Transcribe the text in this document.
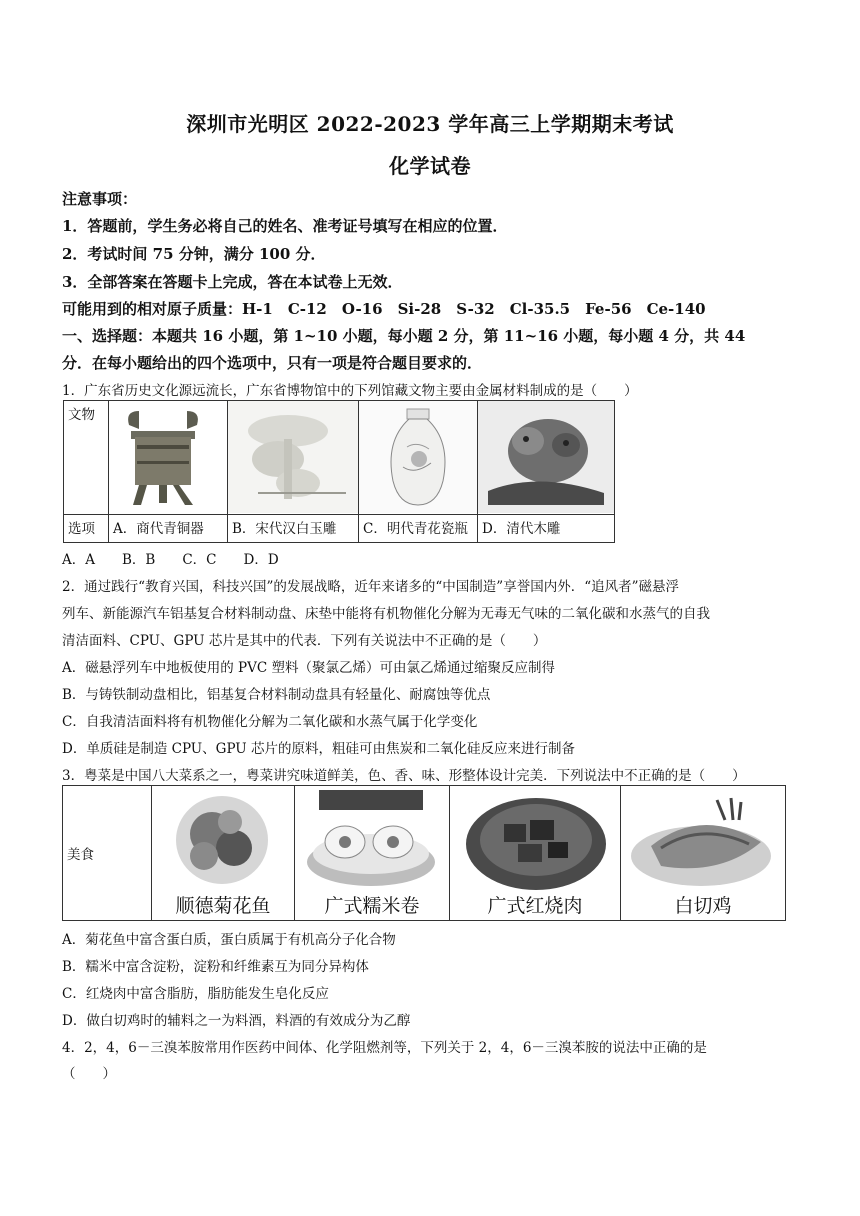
深圳市光明区 2022-2023 学年高三上学期期末考试
化学试卷
注意事项：
1．答题前，学生务必将自己的姓名、准考证号填写在相应的位置．
2．考试时间 75 分钟，满分 100 分．
3．全部答案在答题卡上完成，答在本试卷上无效．
可能用到的相对原子质量：H-1　C-12　O-16　Si-28　S-32　Cl-35.5　Fe-56　Ce-140
一、选择题：本题共 16 小题，第 1~10 小题，每小题 2 分，第 11~16 小题，每小题 4 分，共 44
分．在每小题给出的四个选项中，只有一项是符合题目要求的．
1．广东省历史文化源远流长，广东省博物馆中的下列馆藏文物主要由金属材料制成的是（　　）
文物

选项	A．商代青铜器	B．宋代汉白玉雕	C．明代青花瓷瓶	D．清代木雕
A．A　　B．B　　C．C　　D．D
2．通过践行“教育兴国，科技兴国”的发展战略，近年来诸多的“中国制造”享誉国内外．“追风者”磁悬浮
列车、新能源汽车铝基复合材料制动盘、床垫中能将有机物催化分解为无毒无气味的二氧化碳和水蒸气的自我
清洁面料、CPU、GPU 芯片是其中的代表．下列有关说法中不正确的是（　　）
A．磁悬浮列车中地板使用的 PVC 塑料（聚氯乙烯）可由氯乙烯通过缩聚反应制得
B．与铸铁制动盘相比，铝基复合材料制动盘具有轻量化、耐腐蚀等优点
C．自我清洁面料将有机物催化分解为二氧化碳和水蒸气属于化学变化
D．单质硅是制造 CPU、GPU 芯片的原料，粗硅可由焦炭和二氧化硅反应来进行制备
3．粤菜是中国八大菜系之一，粤菜讲究味道鲜美，色、香、味、形整体设计完美．下列说法中不正确的是（　　）
美食

顺德菊花鱼	广式糯米卷	广式红烧肉	白切鸡
A．菊花鱼中富含蛋白质，蛋白质属于有机高分子化合物
B．糯米中富含淀粉，淀粉和纤维素互为同分异构体
C．红烧肉中富含脂肪，脂肪能发生皂化反应
D．做白切鸡时的辅料之一为料酒，料酒的有效成分为乙醇
4．2，4，6－三溴苯胺常用作医药中间体、化学阻燃剂等，下列关于 2，4，6－三溴苯胺的说法中正确的是
（　　）
